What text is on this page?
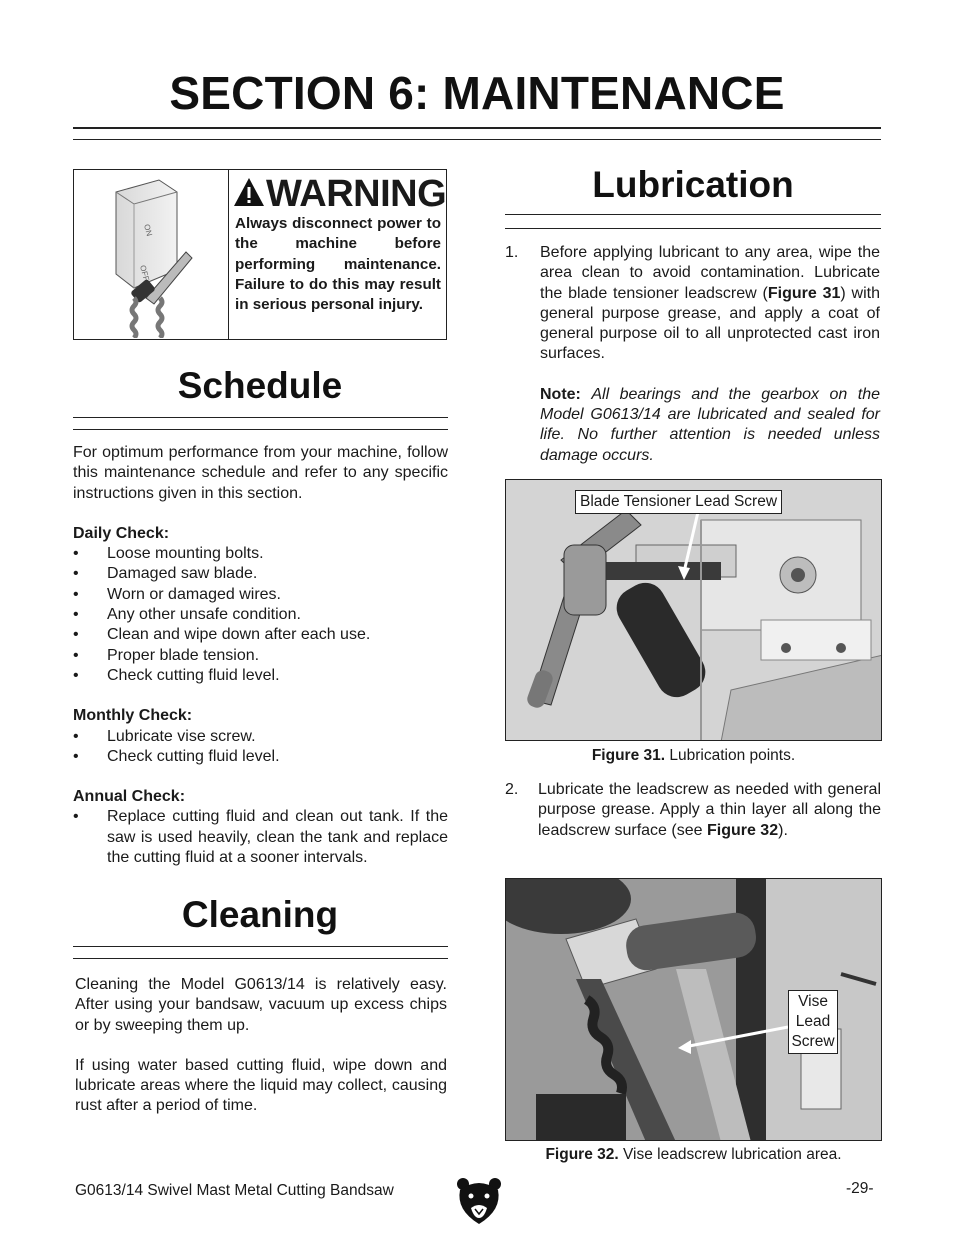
SECTION 6: MAINTENANCE
ON
OFF
WARNING
Always disconnect power to the machine before performing maintenance. Failure to do this may result in serious personal injury.
Schedule
For optimum performance from your machine, follow this maintenance schedule and refer to any specific instructions given in this section.
Daily Check:
• Loose mounting bolts.
• Damaged saw blade.
• Worn or damaged wires.
• Any other unsafe condition.
• Clean and wipe down after each use.
• Proper blade tension.
• Check cutting fluid level.
Monthly Check:
• Lubricate vise screw.
• Check cutting fluid level.
Annual Check:
• Replace cutting fluid and clean out tank. If the saw is used heavily, clean the tank and replace the cutting fluid at a sooner intervals.
Cleaning
Cleaning the Model G0613/14 is relatively easy. After using your bandsaw, vacuum up excess chips or by sweeping them up.
If using water based cutting fluid, wipe down and lubricate areas where the liquid may collect, causing rust after a period of time.
Lubrication
1. Before applying lubricant to any area, wipe the area clean to avoid contamination. Lubricate the blade tensioner leadscrew (Figure 31) with general purpose grease, and apply a coat of general purpose oil to all unprotected cast iron surfaces.
Note: All bearings and the gearbox on the Model G0613/14 are lubricated and sealed for life. No further attention is needed unless damage occurs.
Blade Tensioner Lead Screw
Figure 31. Lubrication points.
2. Lubricate the leadscrew as needed with general purpose grease. Apply a thin layer all along the leadscrew surface (see Figure 32).
Vise
Lead
Screw
Figure 32. Vise leadscrew lubrication area.
G0613/14 Swivel Mast Metal Cutting Bandsaw	-29-
